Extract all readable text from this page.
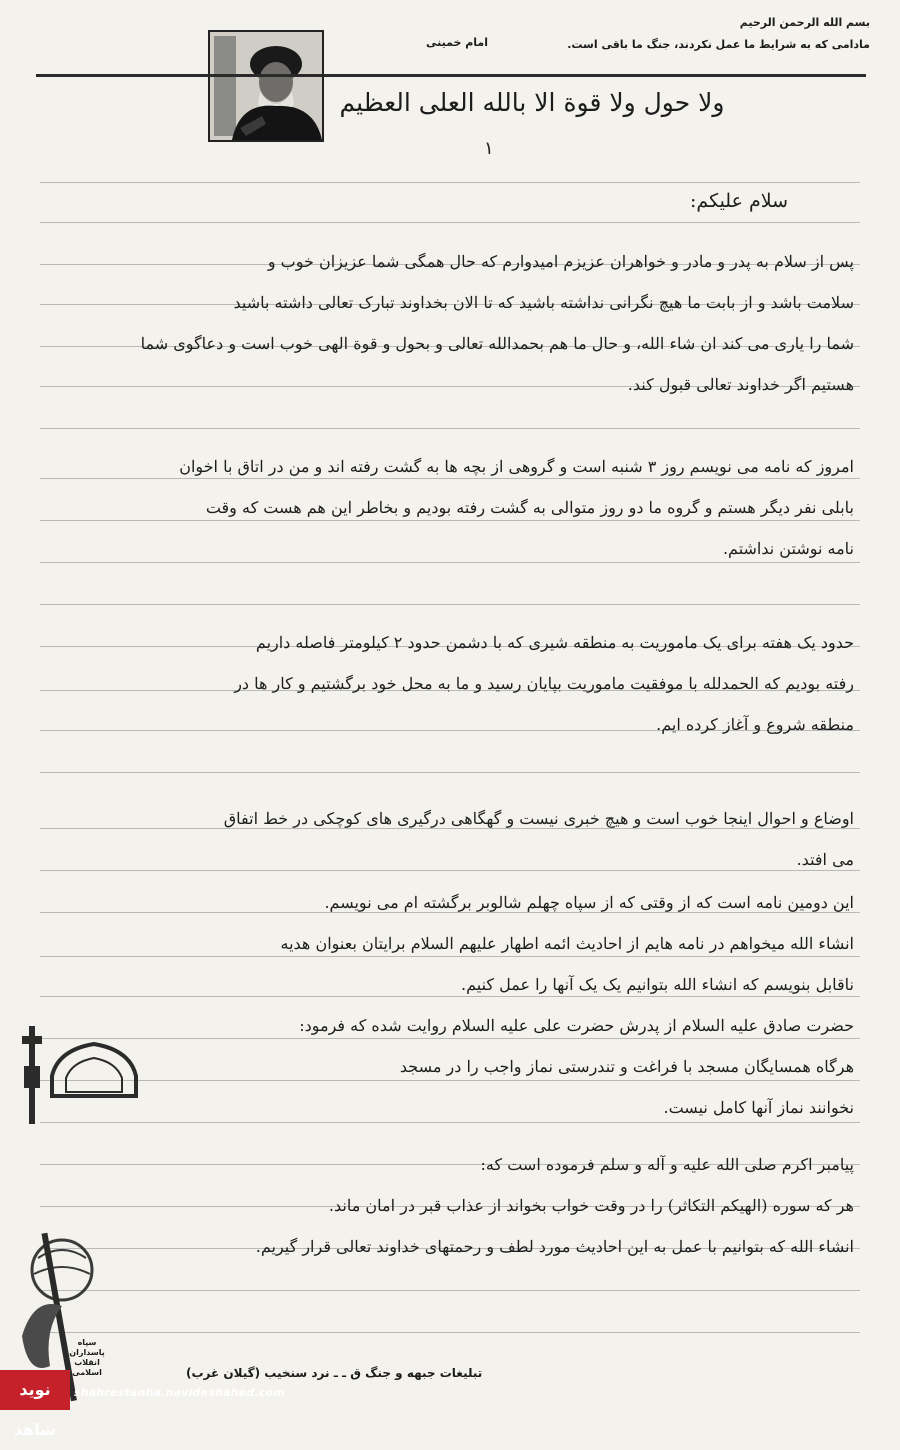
بسم الله الرحمن الرحیم
مادامی که به شرایط ما عمل نکردند، جنگ ما باقی است.
امام خمینی
ولا حول ولا قوة الا بالله العلی العظیم
۱
سلام علیکم:
پس از سلام به پدر و مادر و خواهران عزیزم امیدوارم که حال همگی شما عزیزان خوب و
سلامت باشد و از بابت ما هیچ نگرانی نداشته باشید که تا الان بخداوند تبارک تعالی داشته باشید
شما را یاری می کند ان شاء الله، و حال ما هم بحمدالله تعالی و بحول و قوة الهی خوب است و دعاگوی شما
هستیم اگر خداوند تعالی قبول کند.
امروز که نامه می نویسم روز ۳ شنبه است و گروهی از بچه ها به گشت رفته اند و من در اتاق با اخوان
بابلی نفر دیگر هستم و گروه ما دو روز متوالی به گشت رفته بودیم و بخاطر این هم هست که وقت
نامه نوشتن نداشتم.
حدود یک هفته برای یک ماموریت به منطقه شیری که با دشمن حدود ۲ کیلومتر فاصله داریم
رفته بودیم که الحمدلله با موفقیت ماموریت بپایان رسید و ما به محل خود برگشتیم و کار ها در
منطقه شروع و آغاز کرده ایم.
اوضاع و احوال اینجا خوب است و هیچ خبری نیست و گهگاهی درگیری های کوچکی در خط اتفاق
می افتد.
این دومین نامه است که از وقتی که از سپاه چهلم شالوبر برگشته ام می نویسم.
انشاء الله میخواهم در نامه هایم از احادیث ائمه اطهار علیهم السلام برایتان بعنوان هدیه
ناقابل بنویسم که انشاء الله بتوانیم یک یک آنها را عمل کنیم.
حضرت صادق علیه السلام از پدرش حضرت علی علیه السلام روایت شده که فرمود:
هرگاه همسایگان مسجد با فراغت و تندرستی نماز واجب را در مسجد
نخوانند نماز آنها کامل نیست.
پیامبر اکرم صلی الله علیه و آله و سلم فرموده است که:
هر که سوره (الهیکم التکاثر) را در وقت خواب بخواند از عذاب قبر در امان ماند.
انشاء الله که بتوانیم با عمل به این احادیث مورد لطف و رحمتهای خداوند تعالی قرار گیریم.
سپاه
پاسداران
انقلاب
اسلامی	تبلیغات جبهه و جنگ ق ـ ـ نرد سنخیب (گیلان غرب)
نوید شاهد
shahrestanha.navideshahed.com
